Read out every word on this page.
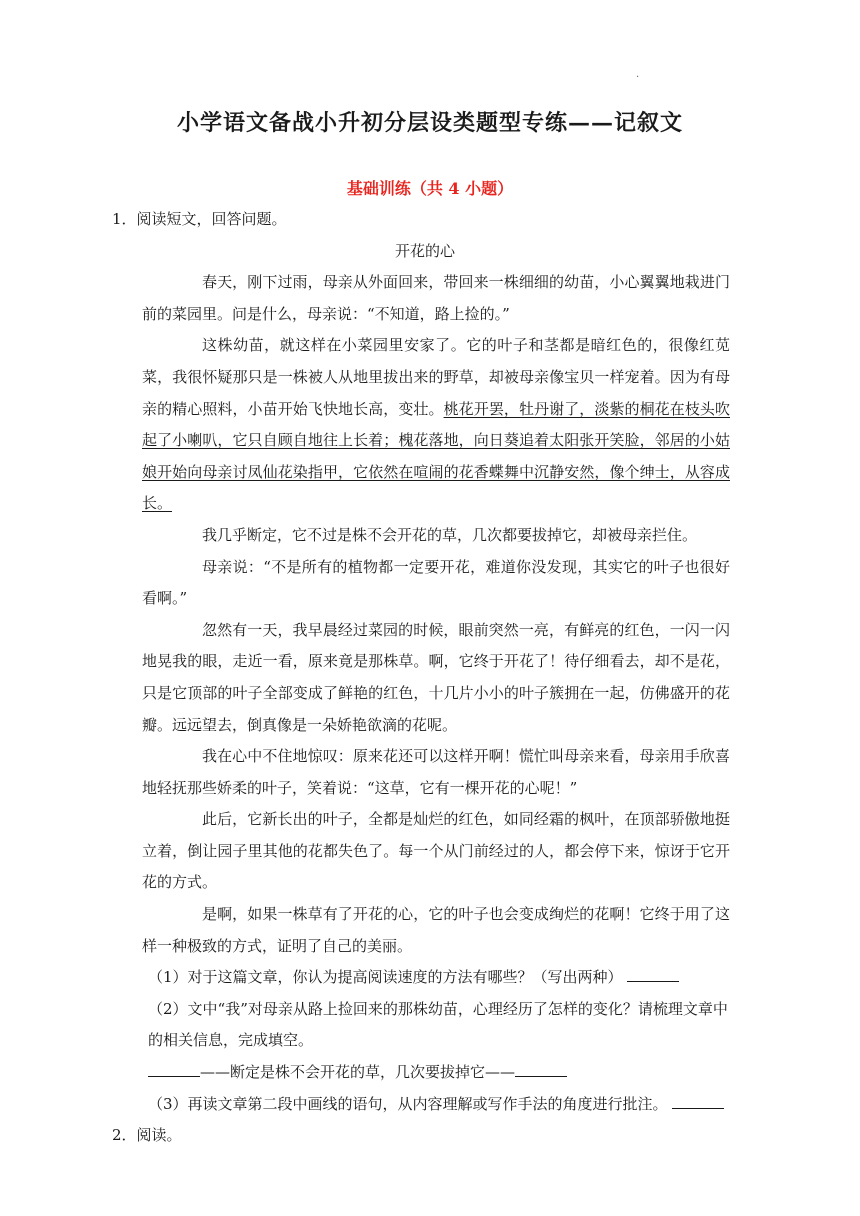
·
小学语文备战小升初分层设类题型专练——记叙文
基础训练（共 4 小题）
1．阅读短文，回答问题。
开花的心
春天，刚下过雨，母亲从外面回来，带回来一株细细的幼苗，小心翼翼地栽进门前的菜园里。问是什么，母亲说：“不知道，路上捡的。”
这株幼苗，就这样在小菜园里安家了。它的叶子和茎都是暗红色的，很像红苋菜，我很怀疑那只是一株被人从地里拔出来的野草，却被母亲像宝贝一样宠着。因为有母亲的精心照料，小苗开始飞快地长高，变壮。桃花开罢，牡丹谢了，淡紫的桐花在枝头吹起了小喇叭，它只自顾自地往上长着；槐花落地，向日葵追着太阳张开笑脸，邻居的小姑娘开始向母亲讨凤仙花染指甲，它依然在喧闹的花香蝶舞中沉静安然，像个绅士，从容成长。
我几乎断定，它不过是株不会开花的草，几次都要拔掉它，却被母亲拦住。
母亲说：“不是所有的植物都一定要开花，难道你没发现，其实它的叶子也很好看啊。”
忽然有一天，我早晨经过菜园的时候，眼前突然一亮，有鲜亮的红色，一闪一闪地晃我的眼，走近一看，原来竟是那株草。啊，它终于开花了！待仔细看去，却不是花，只是它顶部的叶子全部变成了鲜艳的红色，十几片小小的叶子簇拥在一起，仿佛盛开的花瓣。远远望去，倒真像是一朵娇艳欲滴的花呢。
我在心中不住地惊叹：原来花还可以这样开啊！慌忙叫母亲来看，母亲用手欣喜地轻抚那些娇柔的叶子，笑着说：“这草，它有一棵开花的心呢！”
此后，它新长出的叶子，全都是灿烂的红色，如同经霜的枫叶，在顶部骄傲地挺立着，倒让园子里其他的花都失色了。每一个从门前经过的人，都会停下来，惊讶于它开花的方式。
是啊，如果一株草有了开花的心，它的叶子也会变成绚烂的花啊！它终于用了这样一种极致的方式，证明了自己的美丽。
（1）对于这篇文章，你认为提高阅读速度的方法有哪些？（写出两种）
（2）文中“我”对母亲从路上捡回来的那株幼苗，心理经历了怎样的变化？请梳理文章中的相关信息，完成填空。
——断定是株不会开花的草，几次要拔掉它——
（3）再读文章第二段中画线的语句，从内容理解或写作手法的角度进行批注。
2．阅读。
